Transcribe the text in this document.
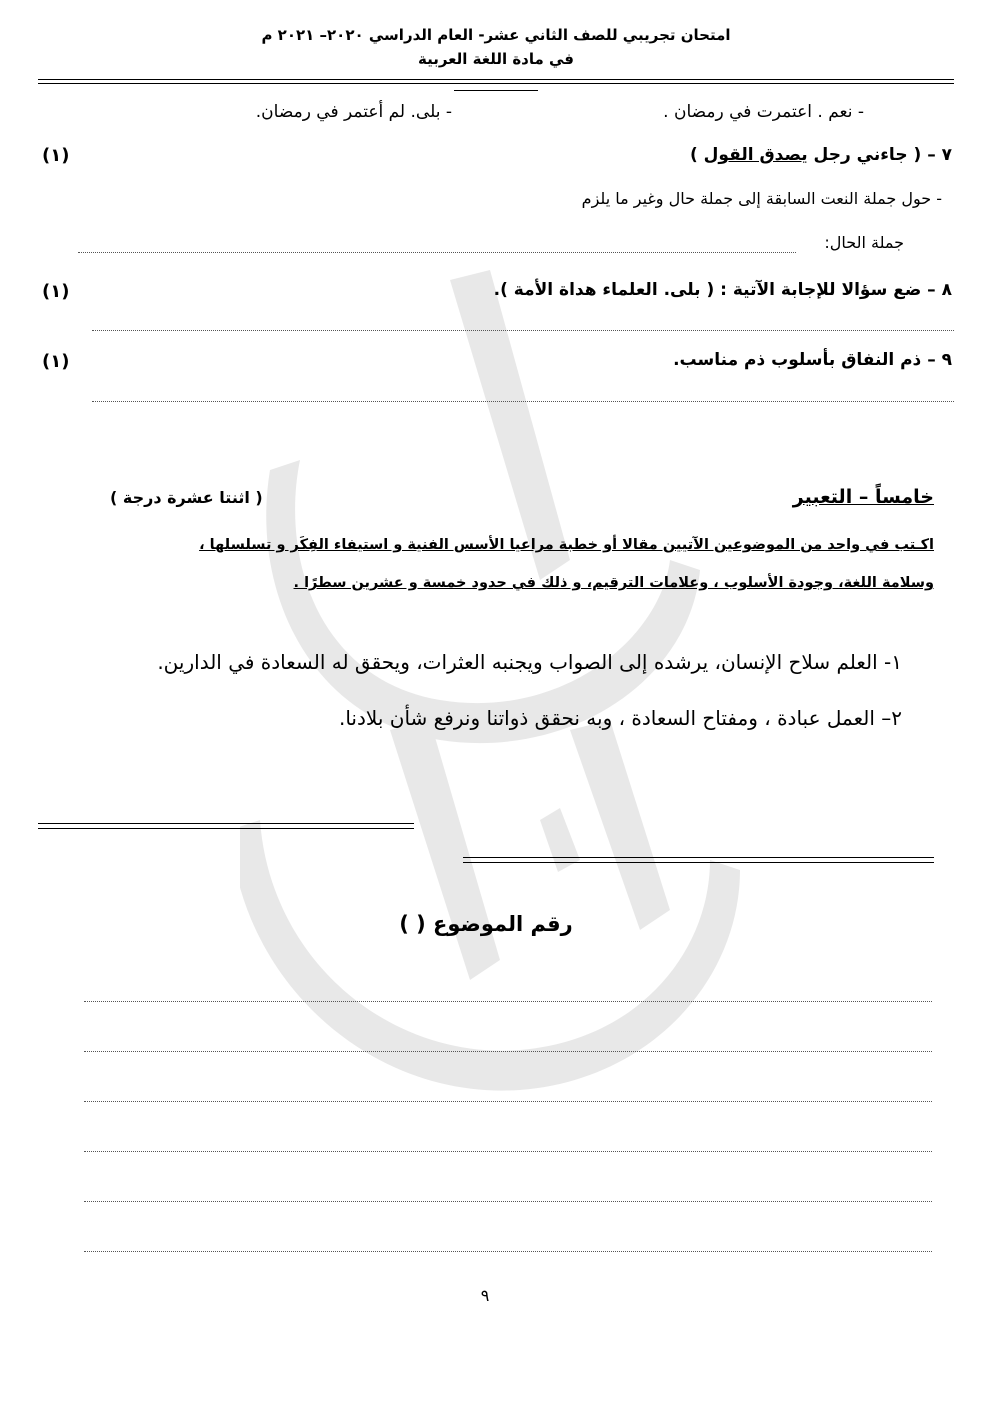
امتحان تجريبي للصف الثاني عشر- العام الدراسي ٢٠٢٠– ٢٠٢١ م
في مادة اللغة العربية
- نعم . اعتمرت في رمضان .
- بلى. لم أعتمر في رمضان.
٧ – ( جاءني رجل يصدق القول )
(١)
- حول جملة النعت السابقة إلى جملة حال وغير ما يلزم
جملة الحال:
٨ – ضع سؤالا للإجابة الآتية : ( بلى. العلماء هداة الأمة ).
(١)
٩ – ذم النفاق بأسلوب ذم مناسب.
(١)
خامساً – التعبير
( اثنتا عشرة درجة )
اكـتب في واحد من الموضوعين الآتيين مقالا أو خطبة مراعيا الأسس الفنية و استيفاء الفِكَر و تسلسلها ،
وسلامة اللغة، وجودة الأسلوب ، وعلامات الترقيم، و ذلك في حدود خمسة و عشرين سطرًا .
١- العلم سلاح الإنسان، يرشده إلى الصواب ويجنبه العثرات، ويحقق له السعادة في الدارين.
٢– العمل عبادة ، ومفتاح السعادة ، وبه نحقق ذواتنا ونرفع شأن بلادنا.
رقم الموضوع ( )
٩
